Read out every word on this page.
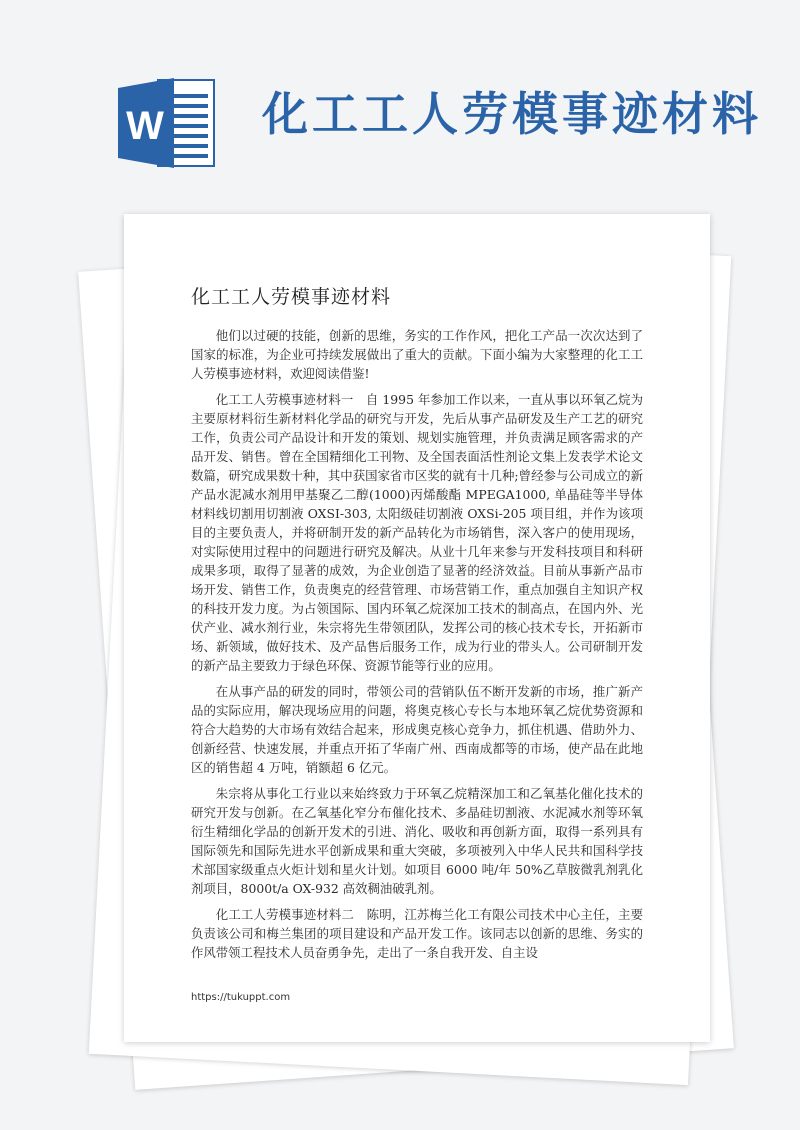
W 化工工人劳模事迹材料
化工工人劳模事迹材料

他们以过硬的技能，创新的思维，务实的工作作风，把化工产品一次次达到了国家的标准，为企业可持续发展做出了重大的贡献。下面小编为大家整理的化工工人劳模事迹材料，欢迎阅读借鉴!

化工工人劳模事迹材料一　自 1995 年参加工作以来，一直从事以环氧乙烷为主要原材料衍生新材料化学品的研究与开发，先后从事产品研发及生产工艺的研究工作，负责公司产品设计和开发的策划、规划实施管理，并负责满足顾客需求的产品开发、销售。曾在全国精细化工刊物、及全国表面活性剂论文集上发表学术论文数篇，研究成果数十种，其中获国家省市区奖的就有十几种;曾经参与公司成立的新产品水泥减水剂用甲基聚乙二醇(1000)丙烯酸酯 MPEGA1000, 单晶硅等半导体材料线切割用切割液 OXSI-303, 太阳级硅切割液 OXSi-205 项目组，并作为该项目的主要负责人，并将研制开发的新产品转化为市场销售，深入客户的使用现场，对实际使用过程中的问题进行研究及解决。从业十几年来参与开发科技项目和科研成果多项，取得了显著的成效，为企业创造了显著的经济效益。目前从事新产品市场开发、销售工作，负责奥克的经营管理、市场营销工作，重点加强自主知识产权的科技开发力度。为占领国际、国内环氧乙烷深加工技术的制高点，在国内外、光伏产业、减水剂行业，朱宗将先生带领团队，发挥公司的核心技术专长，开拓新市场、新领域，做好技术、及产品售后服务工作，成为行业的带头人。公司研制开发的新产品主要致力于绿色环保、资源节能等行业的应用。

在从事产品的研发的同时，带领公司的营销队伍不断开发新的市场，推广新产品的实际应用，解决现场应用的问题，将奥克核心专长与本地环氧乙烷优势资源和符合大趋势的大市场有效结合起来，形成奥克核心竞争力，抓住机遇、借助外力、创新经营、快速发展，并重点开拓了华南广州、西南成都等的市场，使产品在此地区的销售超 4 万吨，销额超 6 亿元。

朱宗将从事化工行业以来始终致力于环氧乙烷精深加工和乙氧基化催化技术的研究开发与创新。在乙氧基化窄分布催化技术、多晶硅切割液、水泥减水剂等环氧衍生精细化学品的创新开发术的引进、消化、吸收和再创新方面，取得一系列具有国际领先和国际先进水平创新成果和重大突破，多项被列入中华人民共和国科学技术部国家级重点火炬计划和星火计划。如项目 6000 吨/年 50%乙草胺微乳剂乳化剂项目，8000t/a OX-932 高效稠油破乳剂。

化工工人劳模事迹材料二　陈明，江苏梅兰化工有限公司技术中心主任，主要负责该公司和梅兰集团的项目建设和产品开发工作。该同志以创新的思维、务实的作风带领工程技术人员奋勇争先，走出了一条自我开发、自主设

https://tukuppt.com
